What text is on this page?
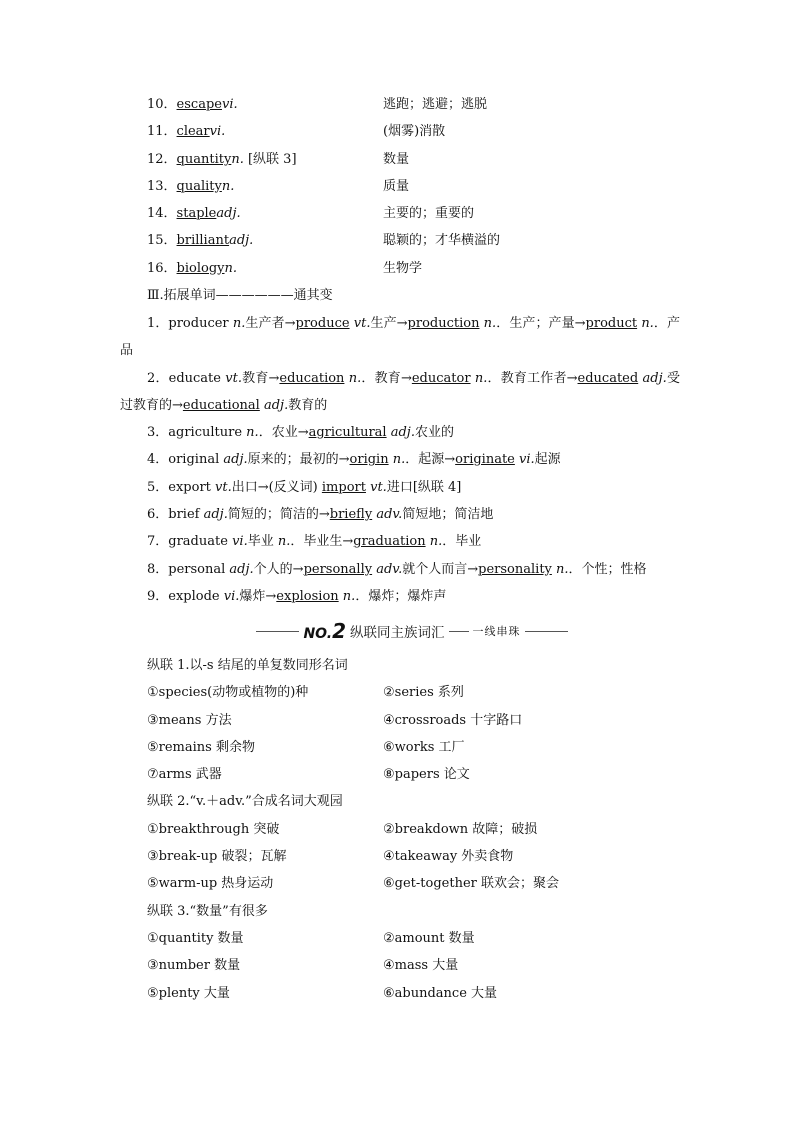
10．escapevi.	逃跑；逃避；逃脱
11．clearvi.	(烟雾)消散
12．quantityn. [纵联 3]	数量
13．qualityn.	质量
14．stapleadj.	主要的；重要的
15．brilliantadj.	聪颖的；才华横溢的
16．biologyn.	生物学
Ⅲ.拓展单词——————通其变

1．producer n.生产者→produce vt.生产→production n.．生产；产量→product n.．产品

2．educate vt.教育→education n.．教育→educator n.．教育工作者→educated adj.受过教育的→educational adj.教育的

3．agriculture n.．农业→agricultural adj.农业的

4．original adj.原来的；最初的→origin n.．起源→originate vi.起源

5．export vt.出口→(反义词) import vt.进口[纵联 4]

6．brief adj.简短的；简洁的→briefly adv.简短地；简洁地

7．graduate vi.毕业 n.．毕业生→graduation n.．毕业

8．personal adj.个人的→personally adv.就个人而言→personality n.．个性；性格

9．explode vi.爆炸→explosion n.．爆炸；爆炸声

NO.2 纵联同主族词汇	一线串珠
纵联 1.以-s 结尾的单复数同形名词
①species(动物或植物的)种	②series 系列
③means 方法	④crossroads 十字路口
⑤remains 剩余物	⑥works 工厂
⑦arms 武器	⑧papers 论文
纵联 2.“v.＋adv.”合成名词大观园
①breakthrough 突破	②breakdown 故障；破损
③break-up 破裂；瓦解	④takeaway 外卖食物
⑤warm-up 热身运动	⑥get-together 联欢会；聚会
纵联 3.“数量”有很多
①quantity 数量	②amount 数量
③number 数量	④mass 大量
⑤plenty 大量	⑥abundance 大量
